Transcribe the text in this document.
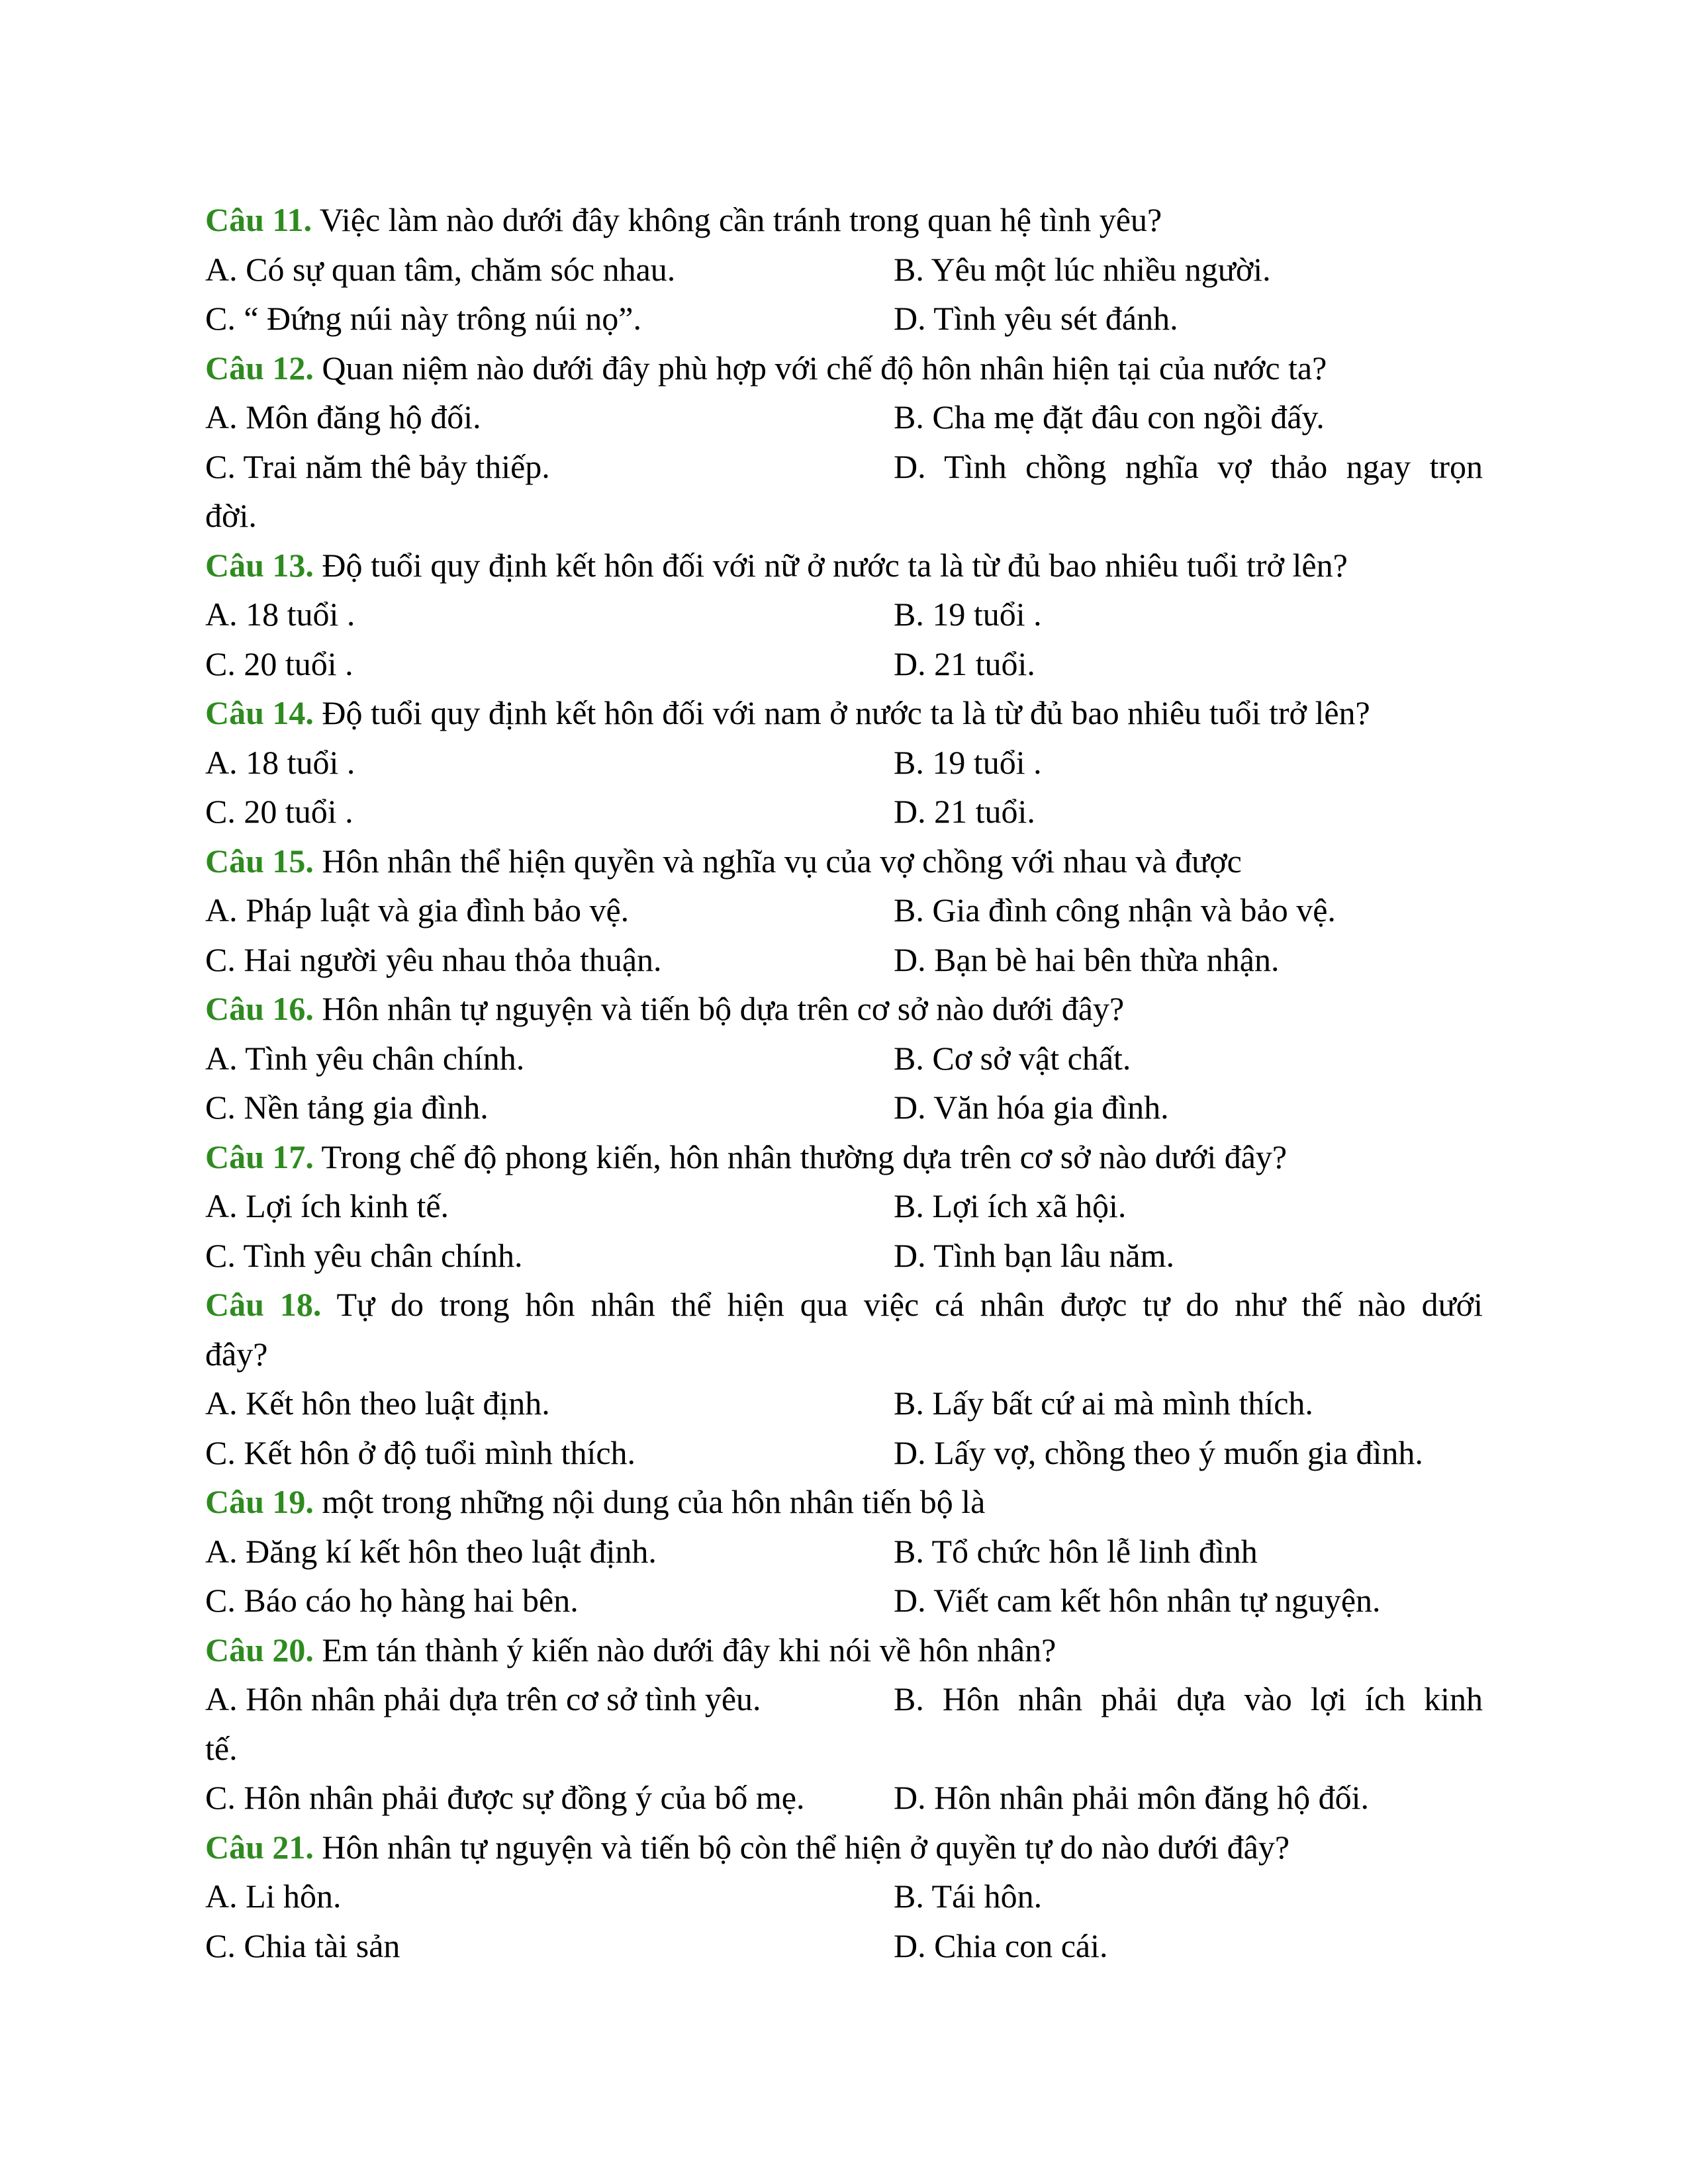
Câu 11. Việc làm nào dưới đây không cần tránh trong quan hệ tình yêu?
A. Có sự quan tâm, chăm sóc nhau.	B. Yêu một lúc nhiều người.
C. “ Đứng núi này trông núi nọ”.	D. Tình yêu sét đánh.
Câu 12. Quan niệm nào dưới đây phù hợp với chế độ hôn nhân hiện tại của nước ta?
A. Môn đăng hộ đối.	B. Cha mẹ đặt đâu con ngồi đấy.
C. Trai năm thê bảy thiếp.	D. Tình chồng nghĩa vợ thảo ngay trọn
đời.
Câu 13. Độ tuổi quy định kết hôn đối với nữ ở nước ta là từ đủ bao nhiêu tuổi trở lên?
A. 18 tuổi .	B. 19 tuổi .
C. 20 tuổi .	D. 21 tuổi.
Câu 14. Độ tuổi quy định kết hôn đối với nam ở nước ta là từ đủ bao nhiêu tuổi trở lên?
A. 18 tuổi .	B. 19 tuổi .
C. 20 tuổi .	D. 21 tuổi.
Câu 15. Hôn nhân thể hiện quyền và nghĩa vụ của vợ chồng với nhau và được
A. Pháp luật và gia đình bảo vệ.	B. Gia đình công nhận và bảo vệ.
C. Hai người yêu nhau thỏa thuận.	D. Bạn bè hai bên thừa nhận.
Câu 16. Hôn nhân tự nguyện và tiến bộ dựa trên cơ sở nào dưới đây?
A. Tình yêu chân chính.	B. Cơ sở vật chất.
C. Nền tảng gia đình.	D. Văn hóa gia đình.
Câu 17. Trong chế độ phong kiến, hôn nhân thường dựa trên cơ sở nào dưới đây?
A. Lợi ích kinh tế.	B. Lợi ích xã hội.
C. Tình yêu chân chính.	D. Tình bạn lâu năm.
Câu 18. Tự do trong hôn nhân thể hiện qua việc cá nhân được tự do như thế nào dưới
đây?
A. Kết hôn theo luật định.	B. Lấy bất cứ ai mà mình thích.
C. Kết hôn ở độ tuổi mình thích.	D. Lấy vợ, chồng theo ý muốn gia đình.
Câu 19. một trong những nội dung của hôn nhân tiến bộ là
A. Đăng kí kết hôn theo luật định.	B. Tổ chức hôn lễ linh đình
C. Báo cáo họ hàng hai bên.	D. Viết cam kết hôn nhân tự nguyện.
Câu 20. Em tán thành ý kiến nào dưới đây khi nói về hôn nhân?
A. Hôn nhân phải dựa trên cơ sở tình yêu.	B. Hôn nhân phải dựa vào lợi ích kinh
tế.
C. Hôn nhân phải được sự đồng ý của bố mẹ.	D. Hôn nhân phải môn đăng hộ đối.
Câu 21. Hôn nhân tự nguyện và tiến bộ còn thể hiện ở quyền tự do nào dưới đây?
A. Li hôn.	B. Tái hôn.
C. Chia tài sản	D. Chia con cái.
